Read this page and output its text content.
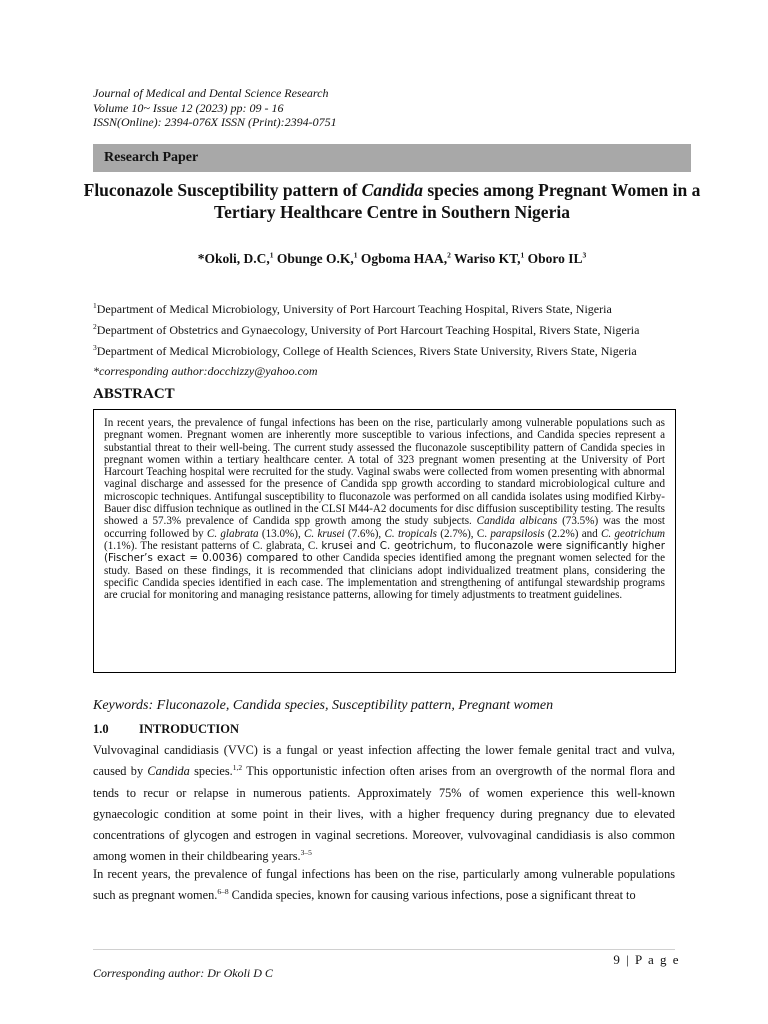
Journal of Medical and Dental Science Research
Volume 10~ Issue 12 (2023) pp: 09 - 16
ISSN(Online): 2394-076X ISSN (Print):2394-0751
Research Paper
Fluconazole Susceptibility pattern of Candida species among Pregnant Women in a Tertiary Healthcare Centre in Southern Nigeria
*Okoli, D.C,$^1$ Obunge O.K,$^1$ Ogboma HAA,$^2$ Wariso KT,$^1$ Oboro $IL^3$
$^1$Department of Medical Microbiology, University of Port Harcourt Teaching Hospital, Rivers State, Nigeria
$^2$Department of Obstetrics and Gynaecology, University of Port Harcourt Teaching Hospital, Rivers State, Nigeria
$^3$Department of Medical Microbiology, College of Health Sciences, Rivers State University, Rivers State, Nigeria
*corresponding author:docchizzy@yahoo.com
ABSTRACT
In recent years, the prevalence of fungal infections has been on the rise, particularly among vulnerable populations such as pregnant women. Pregnant women are inherently more susceptible to various infections, and Candida species represent a substantial threat to their well-being. The current study assessed the fluconazole susceptibility pattern of Candida species in pregnant women within a tertiary healthcare center. A total of 323 pregnant women presenting at the University of Port Harcourt Teaching hospital were recruited for the study. Vaginal swabs were collected from women presenting with abnormal vaginal discharge and assessed for the presence of Candida spp growth according to standard microbiological culture and microscopic techniques. Antifungal susceptibility to fluconazole was performed on all candida isolates using modified Kirby-Bauer disc diffusion technique as outlined in the CLSI M44-A2 documents for disc diffusion susceptibility testing. The results showed a 57.3% prevalence of Candida spp growth among the study subjects. Candida albicans (73.5%) was the most occurring followed by C. glabrata (13.0%), C. krusei (7.6%), C. tropicals (2.7%), C. parapsilosis (2.2%) and C. geotrichum (1.1%). The resistant patterns of C. glabrata, C. krusei and C. geotrichum, to fluconazole were significantly higher (Fischer’s exact = 0.0036) compared to other Candida species identified among the pregnant women selected for the study. Based on these findings, it is recommended that clinicians adopt individualized treatment plans, considering the specific Candida species identified in each case. The implementation and strengthening of antifungal stewardship programs are crucial for monitoring and managing resistance patterns, allowing for timely adjustments to treatment guidelines.
Keywords: Fluconazole, Candida species, Susceptibility pattern, Pregnant women
1.0 INTRODUCTION
Vulvovaginal candidiasis (VVC) is a fungal or yeast infection affecting the lower female genital tract and vulva, caused by Candida species.$^{1,2}$ This opportunistic infection often arises from an overgrowth of the normal flora and tends to recur or relapse in numerous patients. Approximately 75% of women experience this well-known gynaecologic condition at some point in their lives, with a higher frequency during pregnancy due to elevated concentrations of glycogen and estrogen in vaginal secretions. Moreover, vulvovaginal candidiasis is also common among women in their childbearing years.$^{3-5}$
In recent years, the prevalence of fungal infections has been on the rise, particularly among vulnerable populations such as pregnant women.$^{6-8}$ Candida species, known for causing various infections, pose a significant threat to
9 | P a g e
Corresponding author: Dr Okoli D C
